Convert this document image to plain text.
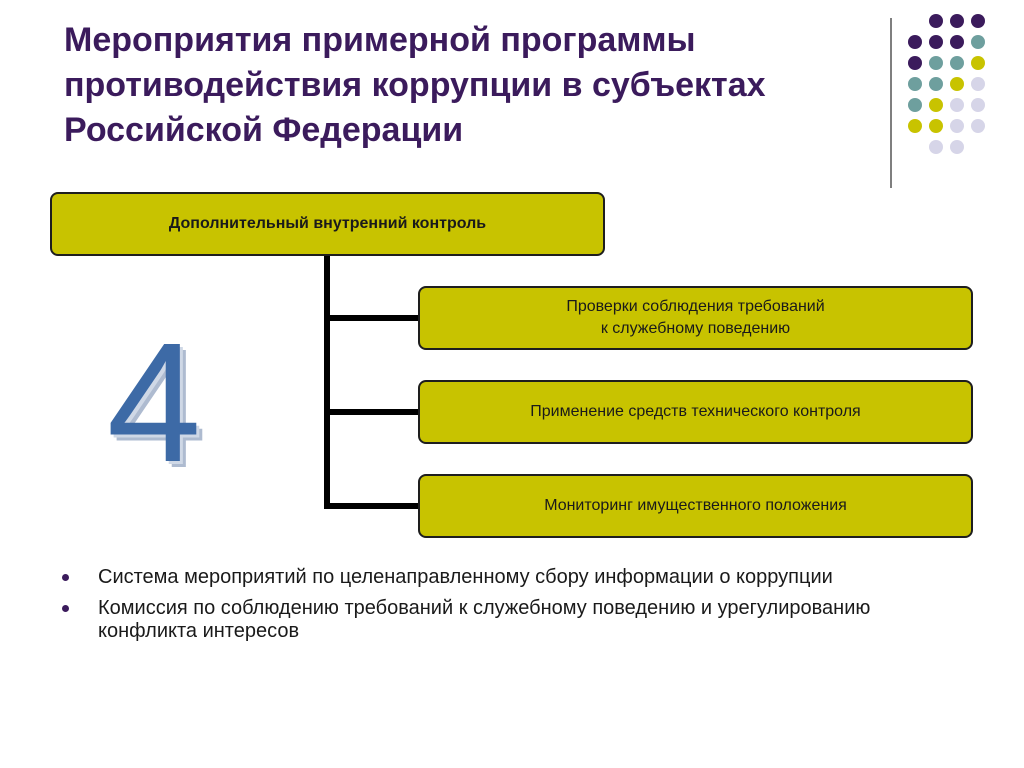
Мероприятия примерной программы противодействия коррупции в субъектах Российской Федерации
Дополнительный внутренний контроль
Проверки соблюдения требований
к служебному поведению
Применение средств технического контроля
Мониторинг имущественного положения
4
Система мероприятий по целенаправленному сбору информации о коррупции
Комиссия по соблюдению требований к служебному поведению и урегулированию конфликта интересов
